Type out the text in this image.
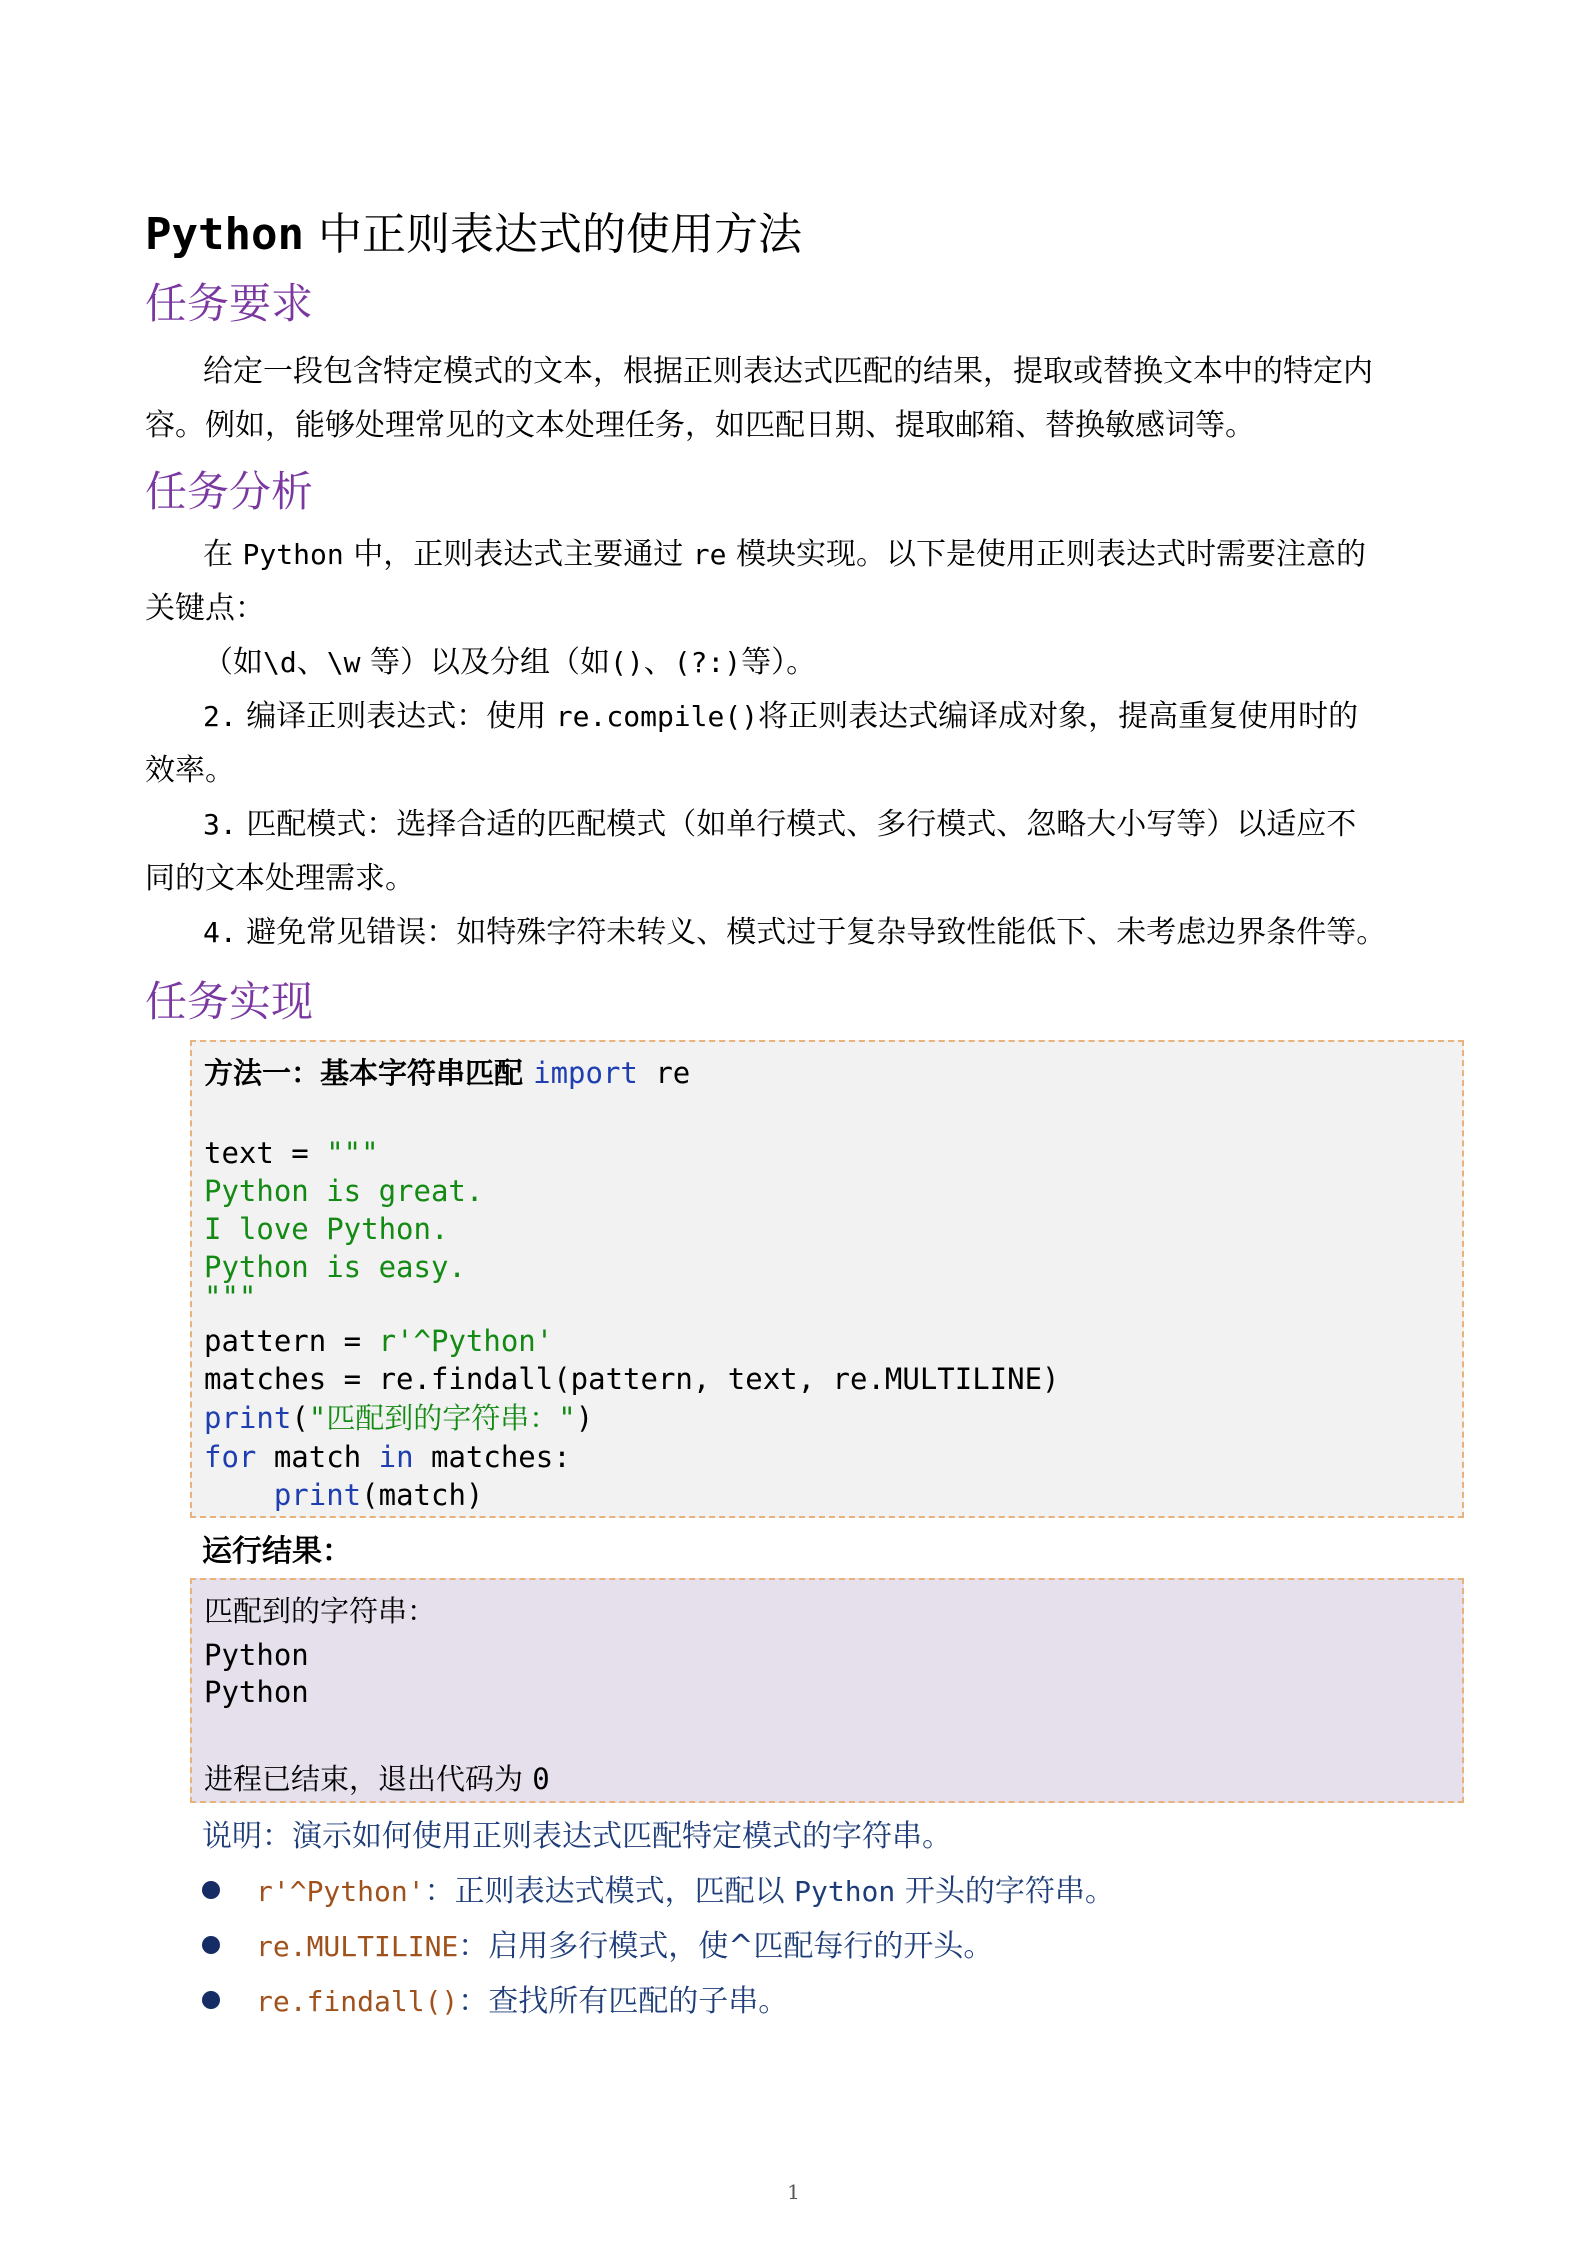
Python 中正则表达式的使用方法
任务要求
给定一段包含特定模式的文本，根据正则表达式匹配的结果，提取或替换文本中的特定内
容。例如，能够处理常见的文本处理任务，如匹配日期、提取邮箱、替换敏感词等。
任务分析
在 Python 中，正则表达式主要通过 re 模块实现。以下是使用正则表达式时需要注意的
关键点：
（如\d、\w 等）以及分组（如()、(?:)等）。
2. 编译正则表达式：使用 re.compile()将正则表达式编译成对象，提高重复使用时的
效率。
3. 匹配模式：选择合适的匹配模式（如单行模式、多行模式、忽略大小写等）以适应不
同的文本处理需求。
4. 避免常见错误：如特殊字符未转义、模式过于复杂导致性能低下、未考虑边界条件等。
任务实现
方法一：基本字符串匹配 import re
text = """
Python is great.
I love Python.
Python is easy.
"""
pattern = r'^Python'
matches = re.findall(pattern, text, re.MULTILINE)
print("匹配到的字符串：")
for match in matches:
print(match)
运行结果：
匹配到的字符串：
Python
Python
进程已结束，退出代码为 0
说明：演示如何使用正则表达式匹配特定模式的字符串。
r'^Python'：正则表达式模式，匹配以 Python 开头的字符串。
re.MULTILINE：启用多行模式，使^匹配每行的开头。
re.findall()：查找所有匹配的子串。
1
